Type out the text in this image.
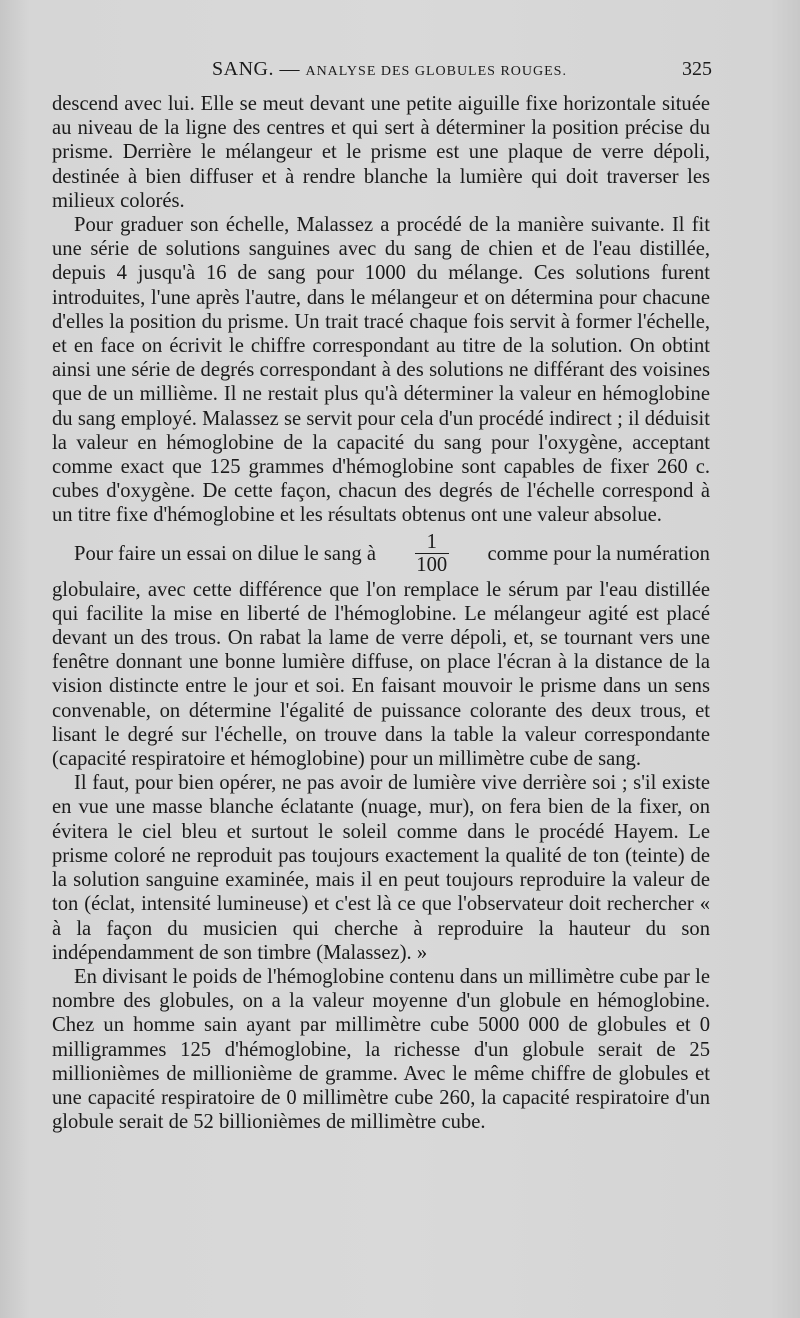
SANG. — ANALYSE DES GLOBULES ROUGES.	325

descend avec lui. Elle se meut devant une petite aiguille fixe horizontale située au niveau de la ligne des centres et qui sert à déterminer la position précise du prisme. Derrière le mélangeur et le prisme est une plaque de verre dépoli, destinée à bien diffuser et à rendre blanche la lumière qui doit traverser les milieux colorés.

Pour graduer son échelle, Malassez a procédé de la manière suivante. Il fit une série de solutions sanguines avec du sang de chien et de l'eau distillée, depuis 4 jusqu'à 16 de sang pour 1000 du mélange. Ces solutions furent introduites, l'une après l'autre, dans le mélangeur et on détermina pour chacune d'elles la position du prisme. Un trait tracé chaque fois servit à former l'échelle, et en face on écrivit le chiffre correspondant au titre de la solution. On obtint ainsi une série de degrés correspondant à des solutions ne différant des voisines que de un millième. Il ne restait plus qu'à déterminer la valeur en hémoglobine du sang employé. Malassez se servit pour cela d'un procédé indirect ; il déduisit la valeur en hémoglobine de la capacité du sang pour l'oxygène, acceptant comme exact que 125 grammes d'hémoglobine sont capables de fixer 260 c. cubes d'oxygène. De cette façon, chacun des degrés de l'échelle correspond à un titre fixe d'hémoglobine et les résultats obtenus ont une valeur absolue.

Pour faire un essai on dilue le sang à $\frac{1}{100}$ comme pour la numération

globulaire, avec cette différence que l'on remplace le sérum par l'eau distillée qui facilite la mise en liberté de l'hémoglobine. Le mélangeur agité est placé devant un des trous. On rabat la lame de verre dépoli, et, se tournant vers une fenêtre donnant une bonne lumière diffuse, on place l'écran à la distance de la vision distincte entre le jour et soi. En faisant mouvoir le prisme dans un sens convenable, on détermine l'égalité de puissance colorante des deux trous, et lisant le degré sur l'échelle, on trouve dans la table la valeur correspondante (capacité respiratoire et hémoglobine) pour un millimètre cube de sang.

Il faut, pour bien opérer, ne pas avoir de lumière vive derrière soi ; s'il existe en vue une masse blanche éclatante (nuage, mur), on fera bien de la fixer, on évitera le ciel bleu et surtout le soleil comme dans le procédé Hayem. Le prisme coloré ne reproduit pas toujours exactement la qualité de ton (teinte) de la solution sanguine examinée, mais il en peut toujours reproduire la valeur de ton (éclat, intensité lumineuse) et c'est là ce que l'observateur doit rechercher « à la façon du musicien qui cherche à reproduire la hauteur du son indépendamment de son timbre (Malassez). »

En divisant le poids de l'hémoglobine contenu dans un millimètre cube par le nombre des globules, on a la valeur moyenne d'un globule en hémoglobine. Chez un homme sain ayant par millimètre cube 5000 000 de globules et 0 milligrammes 125 d'hémoglobine, la richesse d'un globule serait de 25 millionièmes de millionième de gramme. Avec le même chiffre de globules et une capacité respiratoire de 0 millimètre cube 260, la capacité respiratoire d'un globule serait de 52 billionièmes de millimètre cube.
